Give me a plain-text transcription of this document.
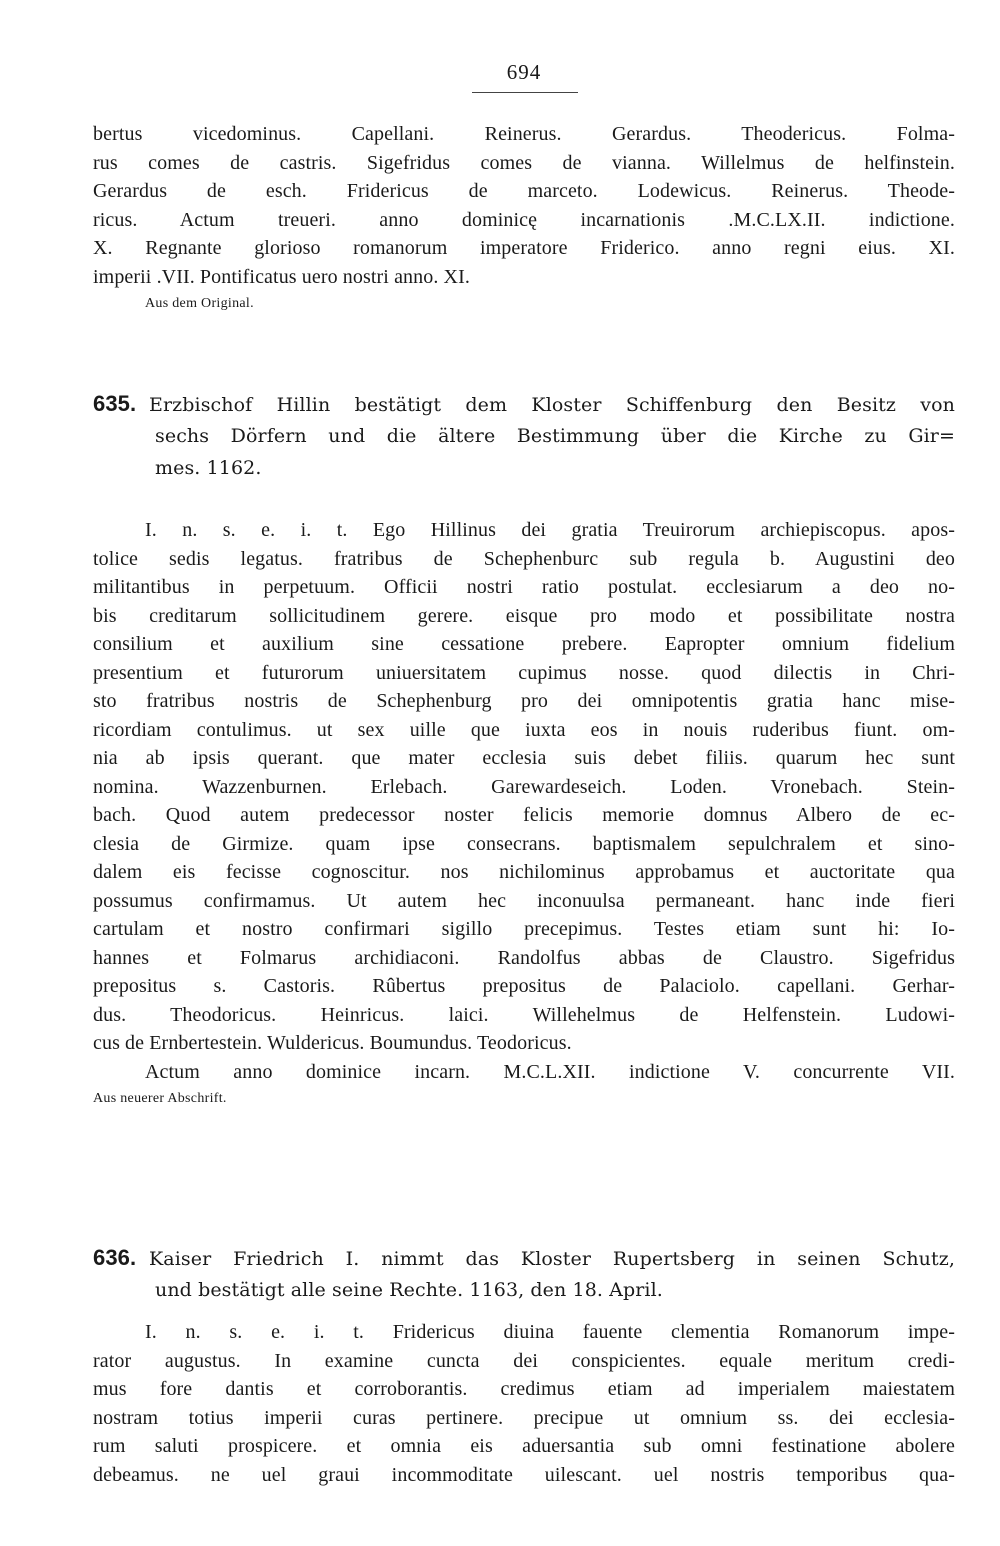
694
bertus vicedominus. Capellani. Reinerus. Gerardus. Theodericus. Folma-
rus comes de castris. Sigefridus comes de vianna. Willelmus de helfinstein.
Gerardus de esch. Fridericus de marceto. Lodewicus. Reinerus. Theode-
ricus. Actum treueri. anno dominicę incarnationis .M.C.LX.II. indictione.
X. Regnante glorioso romanorum imperatore Friderico. anno regni eius. XI.
imperii .VII. Pontificatus uero nostri anno. XI.
Aus dem Original.
635. Erzbischof Hillin bestätigt dem Kloster Schiffenburg den Besitz von
sechs Dörfern und die ältere Bestimmung über die Kirche zu Gir=
mes. 1162.
I. n. s. e. i. t. Ego Hillinus dei gratia Treuirorum archiepiscopus. apos-
tolice sedis legatus. fratribus de Schephenburc sub regula b. Augustini deo
militantibus in perpetuum. Officii nostri ratio postulat. ecclesiarum a deo no-
bis creditarum sollicitudinem gerere. eisque pro modo et possibilitate nostra
consilium et auxilium sine cessatione prebere. Eapropter omnium fidelium
presentium et futurorum uniuersitatem cupimus nosse. quod dilectis in Chri-
sto fratribus nostris de Schephenburg pro dei omnipotentis gratia hanc mise-
ricordiam contulimus. ut sex uille que iuxta eos in nouis ruderibus fiunt. om-
nia ab ipsis querant. que mater ecclesia suis debet filiis. quarum hec sunt
nomina. Wazzenburnen. Erlebach. Garewardeseich. Loden. Vronebach. Stein-
bach. Quod autem predecessor noster felicis memorie domnus Albero de ec-
clesia de Girmize. quam ipse consecrans. baptismalem sepulchralem et sino-
dalem eis fecisse cognoscitur. nos nichilominus approbamus et auctoritate qua
possumus confirmamus. Ut autem hec inconuulsa permaneant. hanc inde fieri
cartulam et nostro confirmari sigillo precepimus. Testes etiam sunt hi: Io-
hannes et Folmarus archidiaconi. Randolfus abbas de Claustro. Sigefridus
prepositus s. Castoris. Rûbertus prepositus de Palaciolo. capellani. Gerhar-
dus. Theodoricus. Heinricus. laici. Willehelmus de Helfenstein. Ludowi-
cus de Ernbertestein. Wuldericus. Boumundus. Teodoricus.
Actum anno dominice incarn. M.C.L.XII. indictione V. concurrente VII.
Aus neuerer Abschrift.
636. Kaiser Friedrich I. nimmt das Kloster Rupertsberg in seinen Schutz,
und bestätigt alle seine Rechte. 1163, den 18. April.
I. n. s. e. i. t. Fridericus diuina fauente clementia Romanorum impe-
rator augustus. In examine cuncta dei conspicientes. equale meritum credi-
mus fore dantis et corroborantis. credimus etiam ad imperialem maiestatem
nostram totius imperii curas pertinere. precipue ut omnium ss. dei ecclesia-
rum saluti prospicere. et omnia eis aduersantia sub omni festinatione abolere
debeamus. ne uel graui incommoditate uilescant. uel nostris temporibus qua-
